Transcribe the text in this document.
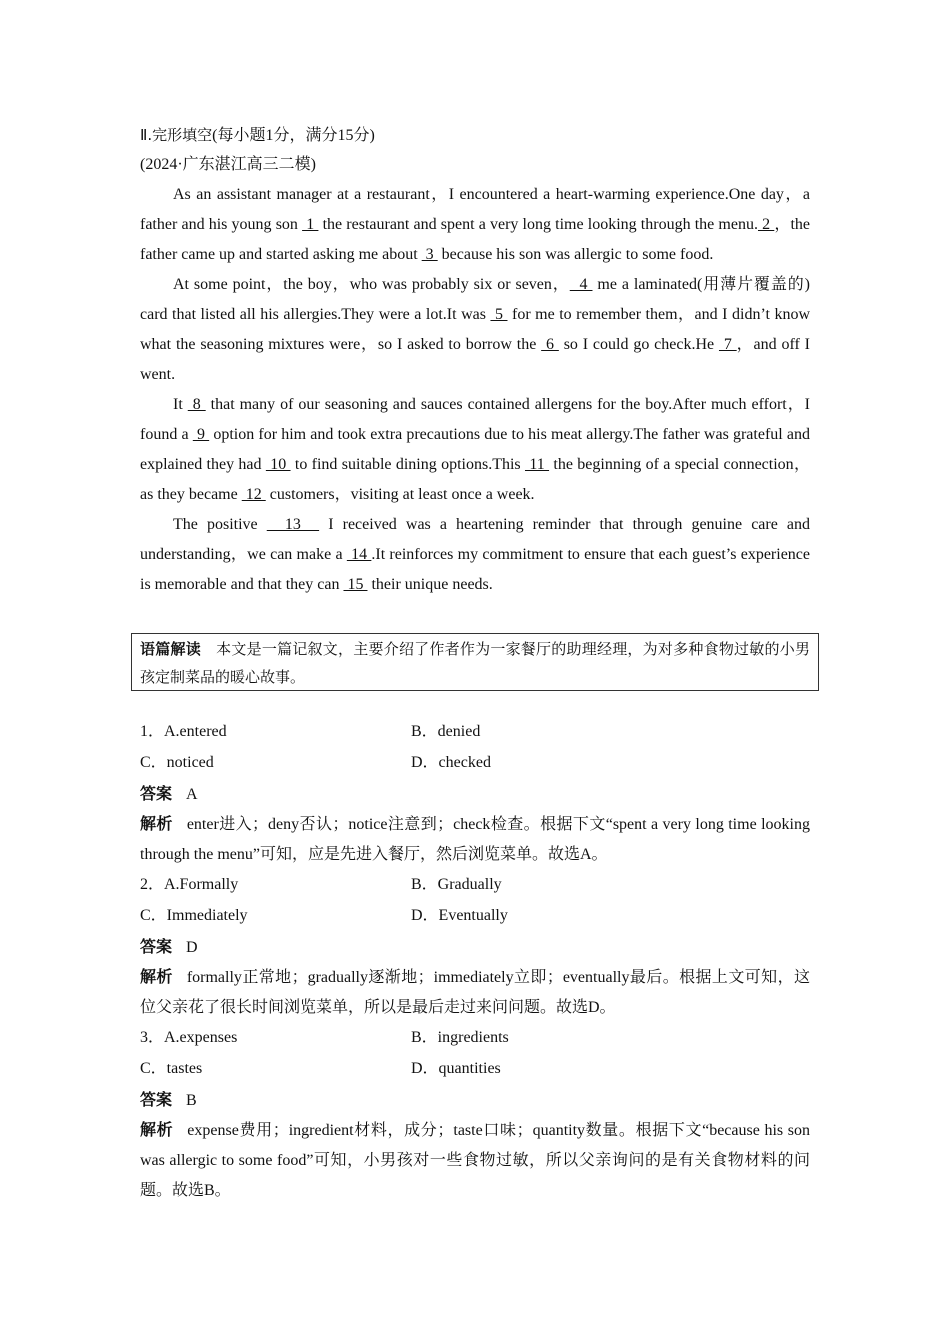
Ⅱ.完形填空(每小题1分，满分15分)
(2024·广东湛江高三二模)

As an assistant manager at a restaurant，I encountered a heart-warming experience.One day，a father and his young son  1  the restaurant and spent a very long time looking through the menu. 2 ，the father came up and started asking me about  3  because his son was allergic to some food.

At some point，the boy，who was probably six or seven，  4  me a laminated(用薄片覆盖的) card that listed all his allergies.They were a lot.It was  5  for me to remember them，and I didn’t know what the seasoning mixtures were，so I asked to borrow the  6  so I could go check.He  7 ，and off I went.

It  8  that many of our seasoning and sauces contained allergens for the boy.After much effort，I found a  9  option for him and took extra precautions due to his meat allergy.The father was grateful and explained they had  10  to find suitable dining options.This  11  the beginning of a special connection，as they became  12  customers，visiting at least once a week.

The positive   13   I received was a heartening reminder that through genuine care and understanding，we can make a  14 .It reinforces my commitment to ensure that each guest’s experience is memorable and that they can  15  their unique needs.

语篇解读　 本文是一篇记叙文，主要介绍了作者作为一家餐厅的助理经理，为对多种食物过敏的小男孩定制菜品的暖心故事。
1．A.entered	B．denied
C．noticed	D．checked
答案 A
解析 enter进入；deny否认；notice注意到；check检查。根据下文“spent a very long time looking through the menu”可知，应是先进入餐厅，然后浏览菜单。故选A。
2．A.Formally	B．Gradually
C．Immediately	D．Eventually
答案 D
解析 formally正常地；gradually逐渐地；immediately立即；eventually最后。根据上文可知，这位父亲花了很长时间浏览菜单，所以是最后走过来问问题。故选D。
3．A.expenses	B．ingredients
C．tastes	D．quantities
答案 B
解析 expense费用；ingredient材料，成分；taste口味；quantity数量。根据下文“because his son was allergic to some food”可知，小男孩对一些食物过敏，所以父亲询问的是有关食物材料的问题。故选B。
